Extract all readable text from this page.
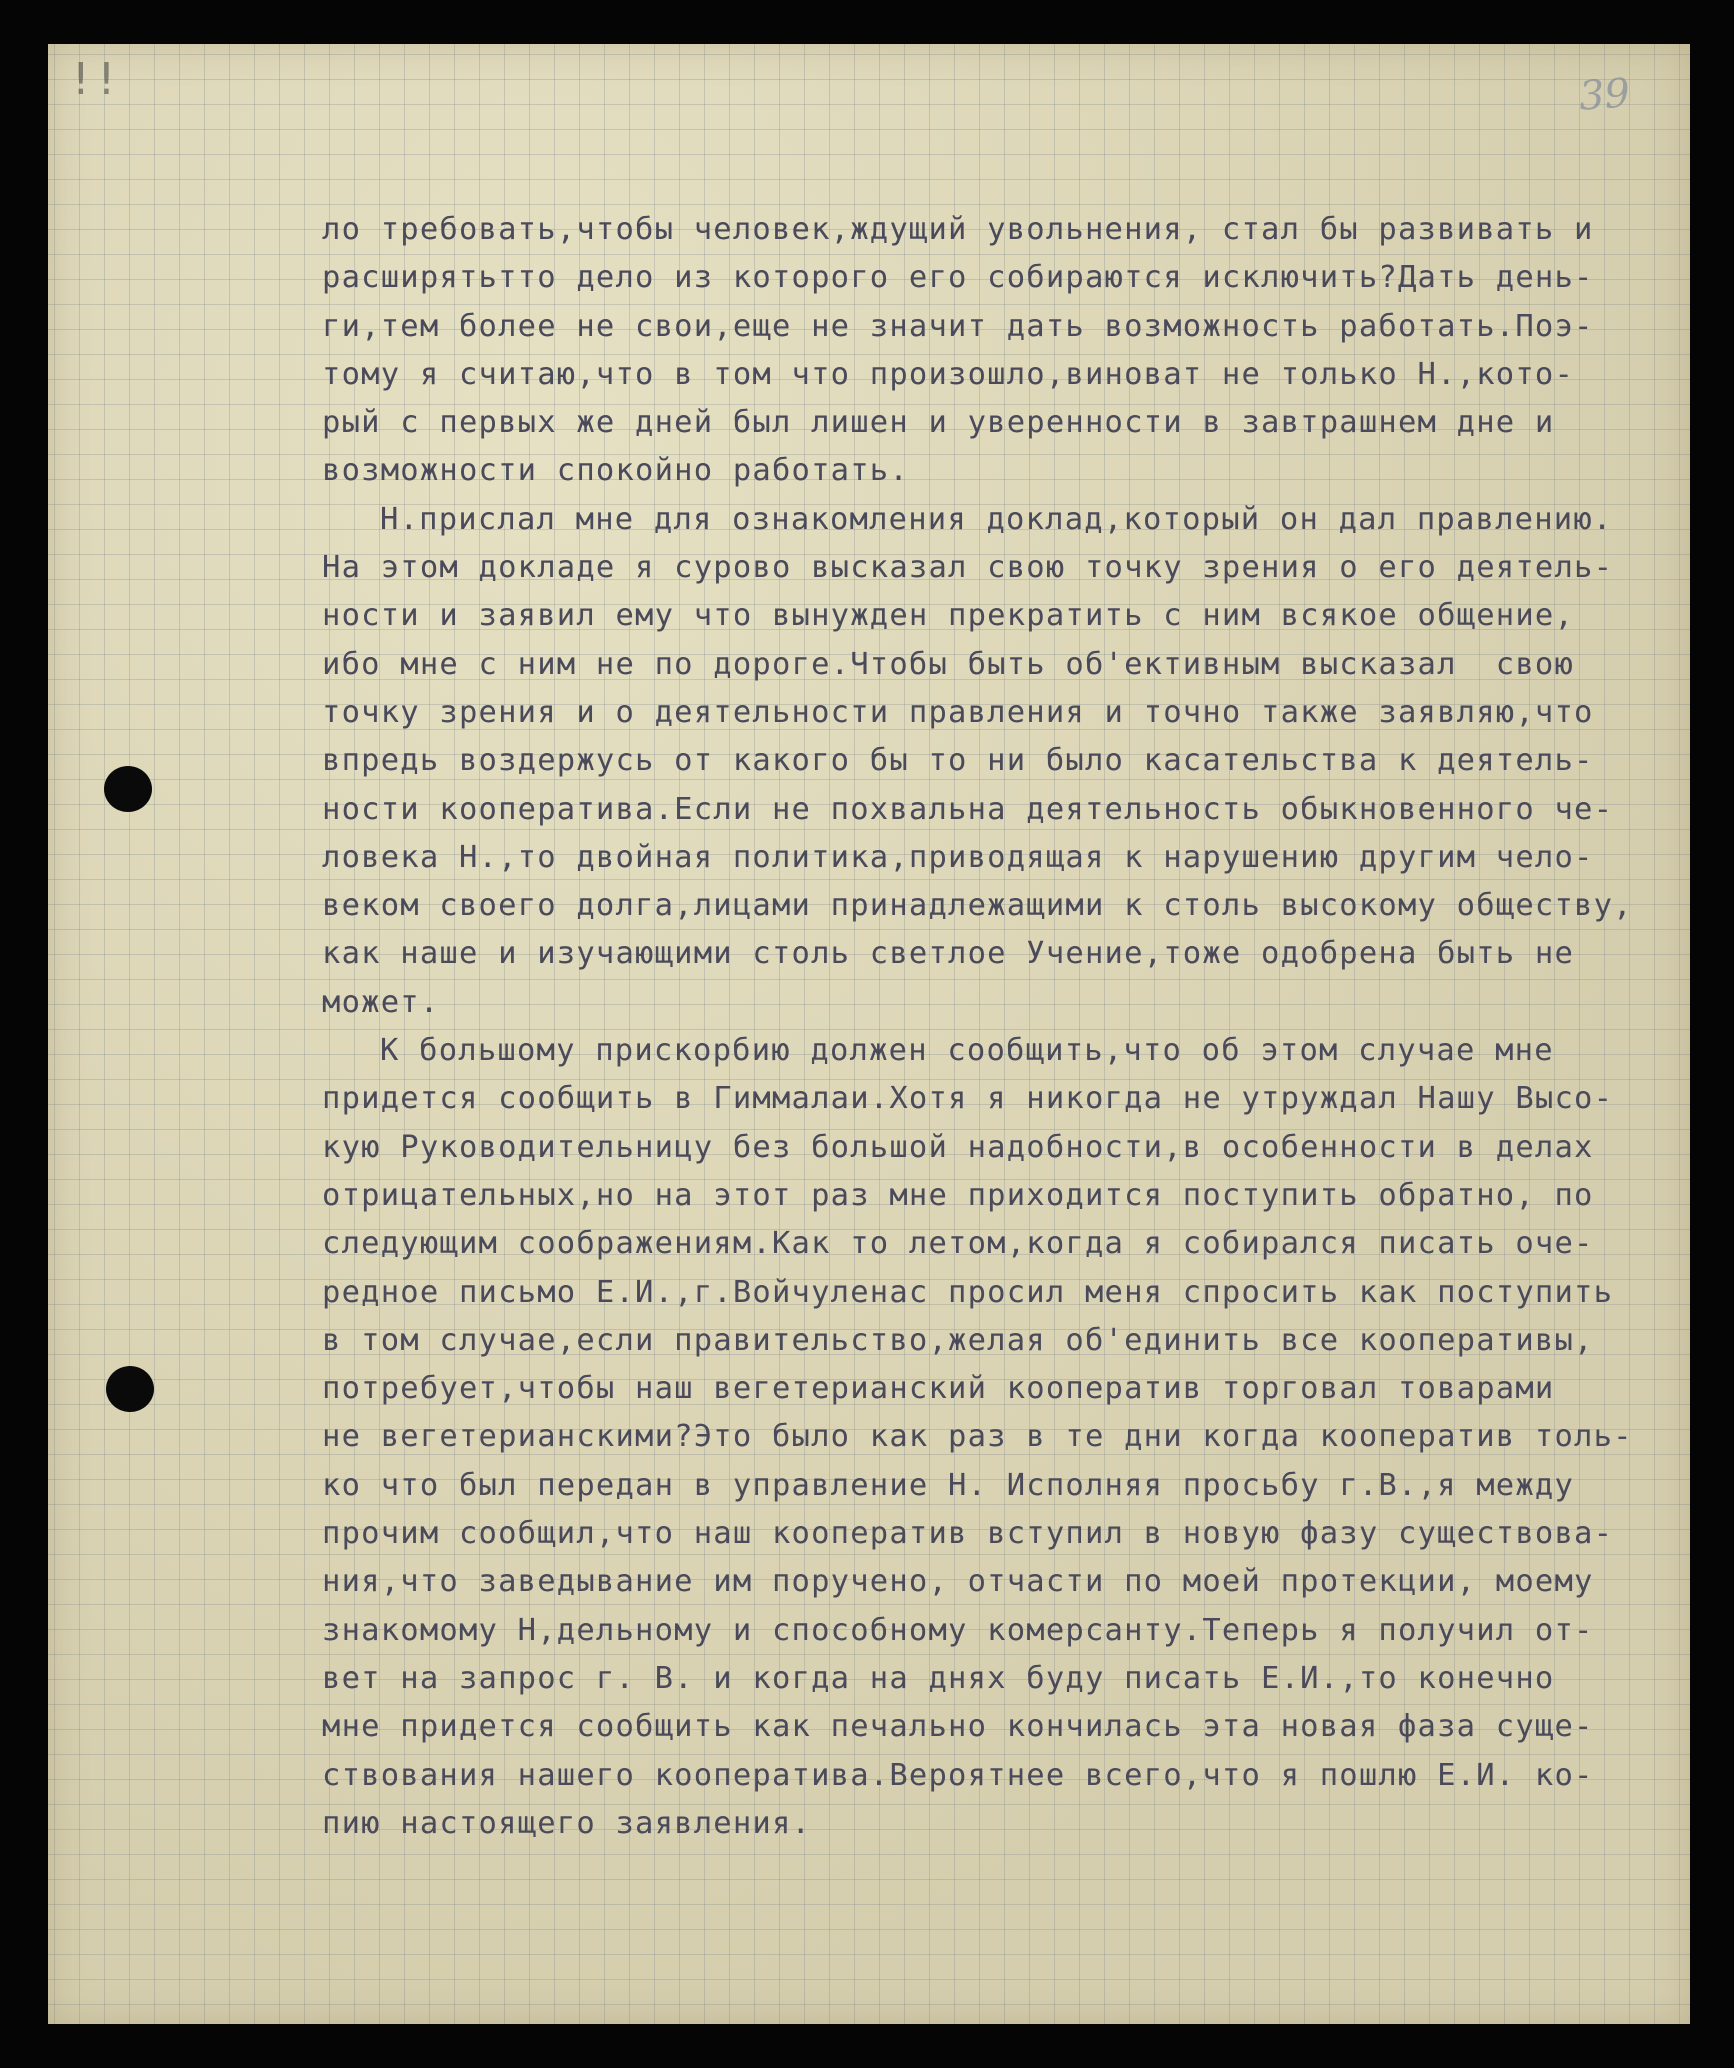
!!	39
ло требовать,чтобы человек,ждущий увольнения, стал бы развивать и
расширятьтто дело из которого его собираются исключить?Дать день-
ги,тем более не свои,еще не значит дать возможность работать.Поэ-
тому я считаю,что в том что произошло,виноват не только Н.,кото-
рый с первых же дней был лишен и уверенности в завтрашнем дне и
возможности спокойно работать.
Н.прислал мне для ознакомления доклад,который он дал правлению.
На этом докладе я сурово высказал свою точку зрения о его деятель-
ности и заявил ему что вынужден прекратить с ним всякое общение,
ибо мне с ним не по дороге.Чтобы быть об'ективным высказал  свою
точку зрения и о деятельности правления и точно также заявляю,что
впредь воздержусь от какого бы то ни было касательства к деятель-
ности кооператива.Если не похвальна деятельность обыкновенного че-
ловека Н.,то двойная политика,приводящая к нарушению другим чело-
веком своего долга,лицами принадлежащими к столь высокому обществу,
как наше и изучающими столь светлое Учение,тоже одобрена быть не
может.
К большому прискорбию должен сообщить,что об этом случае мне
придется сообщить в Гиммалаи.Хотя я никогда не утруждал Нашу Высо-
кую Руководительницу без большой надобности,в особенности в делах
отрицательных,но на этот раз мне приходится поступить обратно, по
следующим соображениям.Как то летом,когда я собирался писать оче-
редное письмо Е.И.,г.Войчуленас просил меня спросить как поступить
в том случае,если правительство,желая об'единить все кооперативы,
потребует,чтобы наш вегетерианский кооператив торговал товарами
не вегетерианскими?Это было как раз в те дни когда кооператив толь-
ко что был передан в управление Н. Исполняя просьбу г.В.,я между
прочим сообщил,что наш кооператив вступил в новую фазу существова-
ния,что заведывание им поручено, отчасти по моей протекции, моему
знакомому Н,дельному и способному комерсанту.Теперь я получил от-
вет на запрос г. В. и когда на днях буду писать Е.И.,то конечно
мне придется сообщить как печально кончилась эта новая фаза суще-
ствования нашего кооператива.Вероятнее всего,что я пошлю Е.И. ко-
пию настоящего заявления.
